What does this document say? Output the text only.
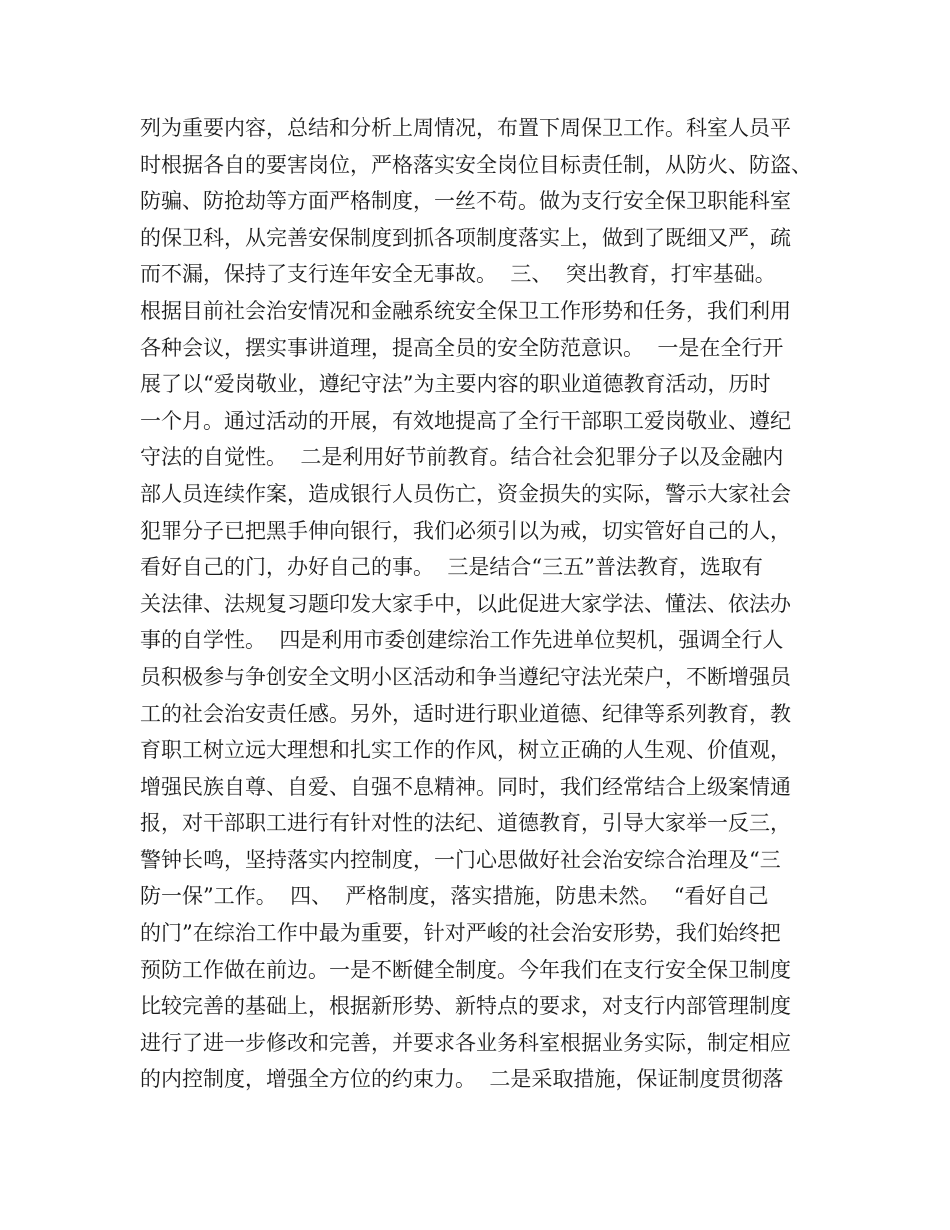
列为重要内容，总结和分析上周情况，布置下周保卫工作。科室人员平
时根据各自的要害岗位，严格落实安全岗位目标责任制，从防火、防盗、
防骗、防抢劫等方面严格制度，一丝不苟。做为支行安全保卫职能科室
的保卫科，从完善安保制度到抓各项制度落实上，做到了既细又严，疏
而不漏，保持了支行连年安全无事故。  三、  突出教育，打牢基础。
根据目前社会治安情况和金融系统安全保卫工作形势和任务，我们利用
各种会议，摆实事讲道理，提高全员的安全防范意识。  一是在全行开
展了以“爱岗敬业，遵纪守法”为主要内容的职业道德教育活动，历时
一个月。通过活动的开展，有效地提高了全行干部职工爱岗敬业、遵纪
守法的自觉性。  二是利用好节前教育。结合社会犯罪分子以及金融内
部人员连续作案，造成银行人员伤亡，资金损失的实际，警示大家社会
犯罪分子已把黑手伸向银行，我们必须引以为戒，切实管好自己的人，
看好自己的门，办好自己的事。  三是结合“三五”普法教育，选取有
关法律、法规复习题印发大家手中，以此促进大家学法、懂法、依法办
事的自学性。  四是利用市委创建综治工作先进单位契机，强调全行人
员积极参与争创安全文明小区活动和争当遵纪守法光荣户，不断增强员
工的社会治安责任感。另外，适时进行职业道德、纪律等系列教育，教
育职工树立远大理想和扎实工作的作风，树立正确的人生观、价值观，
增强民族自尊、自爱、自强不息精神。同时，我们经常结合上级案情通
报，对干部职工进行有针对性的法纪、道德教育，引导大家举一反三，
警钟长鸣，坚持落实内控制度，一门心思做好社会治安综合治理及“三
防一保”工作。  四、  严格制度，落实措施，防患未然。  “看好自己
的门”在综治工作中最为重要，针对严峻的社会治安形势，我们始终把
预防工作做在前边。一是不断健全制度。今年我们在支行安全保卫制度
比较完善的基础上，根据新形势、新特点的要求，对支行内部管理制度
进行了进一步修改和完善，并要求各业务科室根据业务实际，制定相应
的内控制度，增强全方位的约束力。  二是采取措施，保证制度贯彻落
